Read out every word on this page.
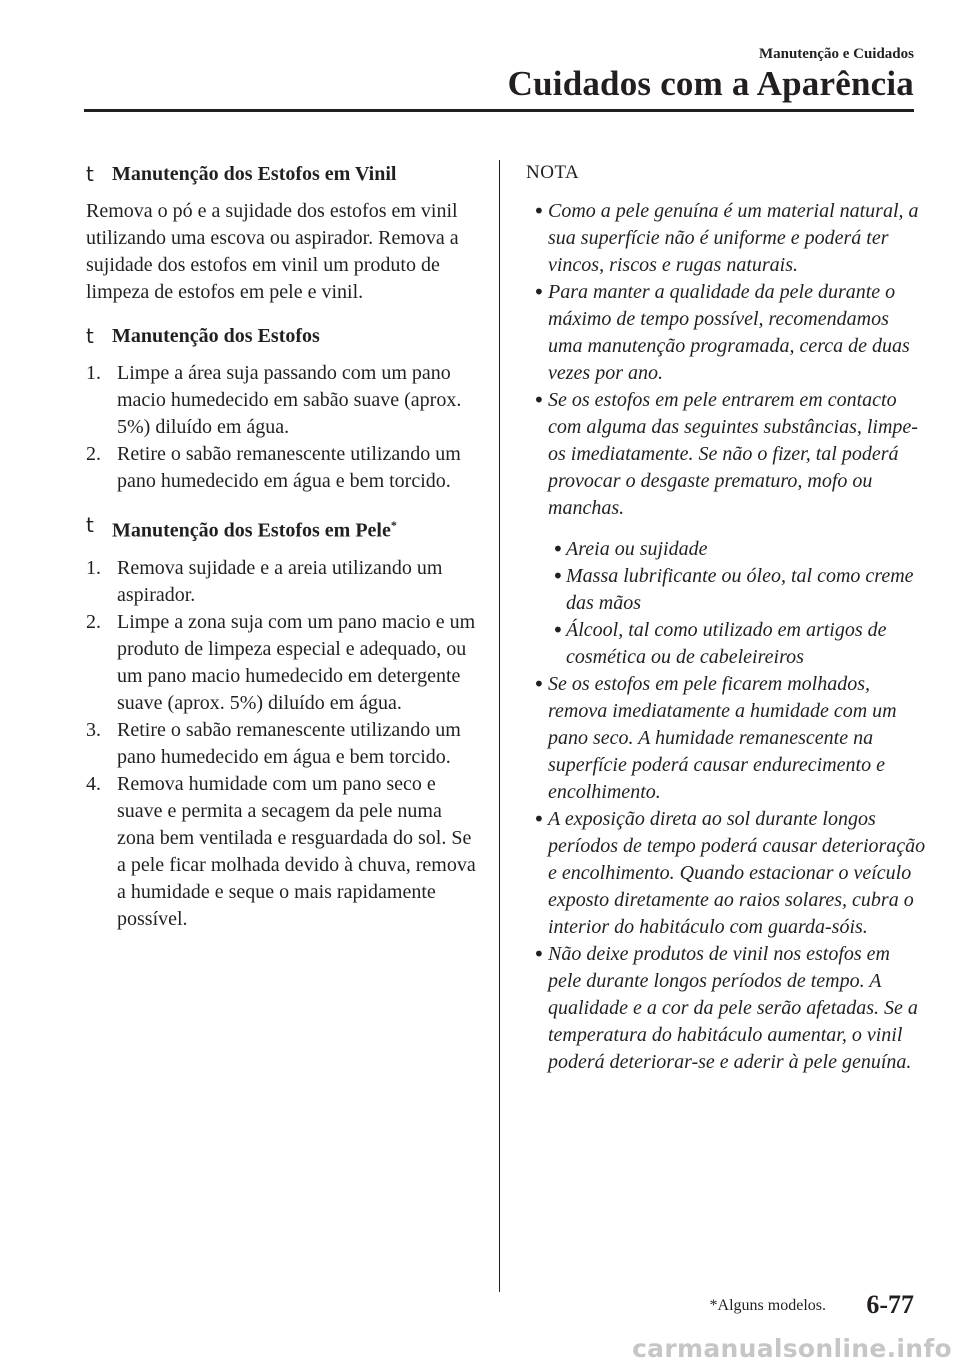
Manutenção e Cuidados
Cuidados com a Aparência
t Manutenção dos Estofos em Vinil

Remova o pó e a sujidade dos estofos em vinil utilizando uma escova ou aspirador. Remova a sujidade dos estofos em vinil um produto de limpeza de estofos em pele e vinil.

t Manutenção dos Estofos
1. Limpe a área suja passando com um pano macio humedecido em sabão suave (aprox. 5%) diluído em água.
2. Retire o sabão remanescente utilizando um pano humedecido em água e bem torcido.
t Manutenção dos Estofos em Pele*
1. Remova sujidade e a areia utilizando um aspirador.
2. Limpe a zona suja com um pano macio e um produto de limpeza especial e adequado, ou um pano macio humedecido em detergente suave (aprox. 5%) diluído em água.
3. Retire o sabão remanescente utilizando um pano humedecido em água e bem torcido.
4. Remova humidade com um pano seco e suave e permita a secagem da pele numa zona bem ventilada e resguardada do sol. Se a pele ficar molhada devido à chuva, remova a humidade e seque o mais rapidamente possível.
NOTA
• Como a pele genuína é um material natural, a sua superfície não é uniforme e poderá ter vincos, riscos e rugas naturais.
• Para manter a qualidade da pele durante o máximo de tempo possível, recomendamos uma manutenção programada, cerca de duas vezes por ano.
• Se os estofos em pele entrarem em contacto com alguma das seguintes substâncias, limpe-os imediatamente. Se não o fizer, tal poderá provocar o desgaste prematuro, mofo ou manchas.
• Areia ou sujidade
• Massa lubrificante ou óleo, tal como creme das mãos
• Álcool, tal como utilizado em artigos de cosmética ou de cabeleireiros
• Se os estofos em pele ficarem molhados, remova imediatamente a humidade com um pano seco. A humidade remanescente na superfície poderá causar endurecimento e encolhimento.
• A exposição direta ao sol durante longos períodos de tempo poderá causar deterioração e encolhimento. Quando estacionar o veículo exposto diretamente ao raios solares, cubra o interior do habitáculo com guarda-sóis.
• Não deixe produtos de vinil nos estofos em pele durante longos períodos de tempo. A qualidade e a cor da pele serão afetadas. Se a temperatura do habitáculo aumentar, o vinil poderá deteriorar-se e aderir à pele genuína.
*Alguns modelos. 6-77
carmanualsonline.info
